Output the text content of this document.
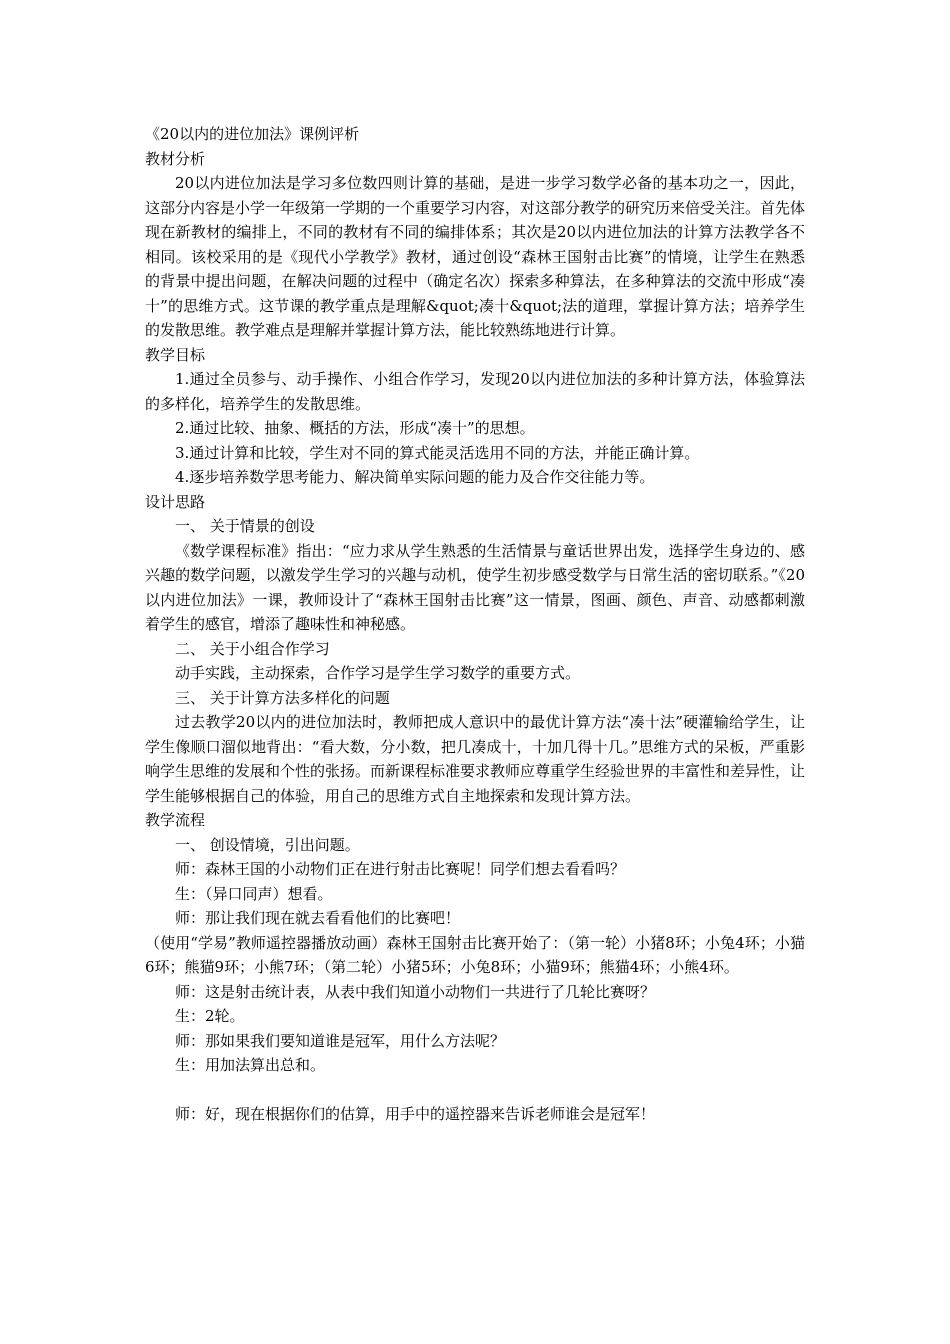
《20以内的进位加法》课例评析

教材分析

20以内进位加法是学习多位数四则计算的基础，是进一步学习数学必备的基本功之一，因此，这部分内容是小学一年级第一学期的一个重要学习内容，对这部分教学的研究历来倍受关注。首先体现在新教材的编排上，不同的教材有不同的编排体系；其次是20以内进位加法的计算方法教学各不相同。该校采用的是《现代小学教学》教材，通过创设“森林王国射击比赛”的情境，让学生在熟悉的背景中提出问题，在解决问题的过程中（确定名次）探索多种算法，在多种算法的交流中形成“凑十”的思维方式。这节课的教学重点是理解&quot;凑十&quot;法的道理，掌握计算方法；培养学生的发散思维。教学难点是理解并掌握计算方法，能比较熟练地进行计算。

教学目标

1.通过全员参与、动手操作、小组合作学习，发现20以内进位加法的多种计算方法，体验算法的多样化，培养学生的发散思维。

2.通过比较、抽象、概括的方法，形成“凑十”的思想。

3.通过计算和比较，学生对不同的算式能灵活选用不同的方法，并能正确计算。

4.逐步培养数学思考能力、解决简单实际问题的能力及合作交往能力等。

设计思路

一、 关于情景的创设

《数学课程标准》指出：“应力求从学生熟悉的生活情景与童话世界出发，选择学生身边的、感兴趣的数学问题，以激发学生学习的兴趣与动机，使学生初步感受数学与日常生活的密切联系。”《20以内进位加法》一课，教师设计了“森林王国射击比赛”这一情景，图画、颜色、声音、动感都刺激着学生的感官，增添了趣味性和神秘感。

二、 关于小组合作学习

动手实践，主动探索，合作学习是学生学习数学的重要方式。

三、 关于计算方法多样化的问题

过去教学20以内的进位加法时，教师把成人意识中的最优计算方法“凑十法”硬灌输给学生，让学生像顺口溜似地背出：“看大数，分小数，把几凑成十，十加几得十几。”思维方式的呆板，严重影响学生思维的发展和个性的张扬。而新课程标准要求教师应尊重学生经验世界的丰富性和差异性，让学生能够根据自己的体验，用自己的思维方式自主地探索和发现计算方法。

教学流程

一、 创设情境，引出问题。

师：森林王国的小动物们正在进行射击比赛呢！同学们想去看看吗？

生：（异口同声）想看。

师：那让我们现在就去看看他们的比赛吧！

（使用“学易”教师遥控器播放动画）森林王国射击比赛开始了：（第一轮）小猪8环；小兔4环；小猫6环；熊猫9环；小熊7环；（第二轮）小猪5环；小兔8环；小猫9环；熊猫4环；小熊4环。

师：这是射击统计表，从表中我们知道小动物们一共进行了几轮比赛呀？

生：2轮。

师：那如果我们要知道谁是冠军，用什么方法呢？

生：用加法算出总和。

师：好，现在根据你们的估算，用手中的遥控器来告诉老师谁会是冠军！
